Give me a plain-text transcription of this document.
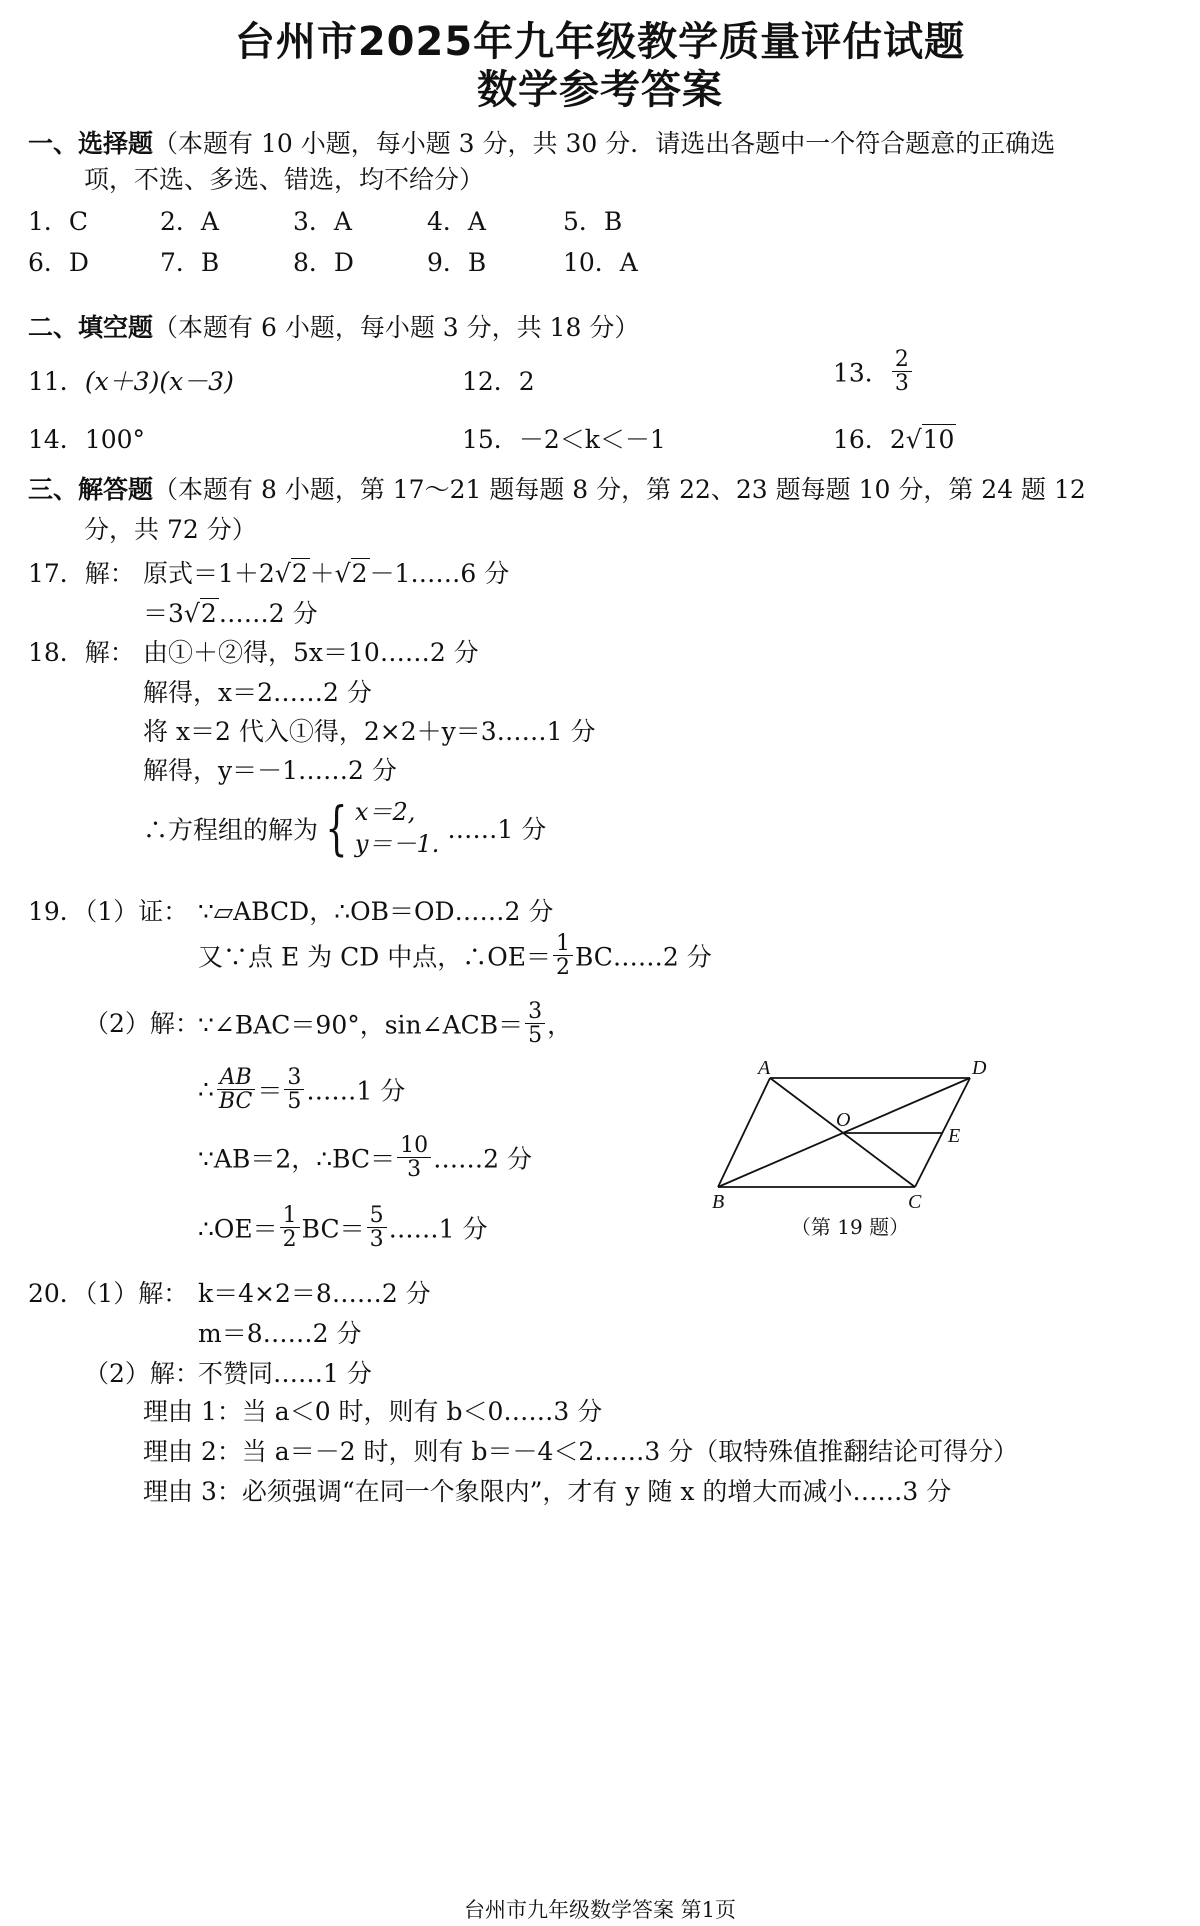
台州市2025年九年级教学质量评估试题
数学参考答案
一、选择题（本题有 10 小题，每小题 3 分，共 30 分．请选出各题中一个符合题意的正确选
项，不选、多选、错选，均不给分）
1．C	2．A	3．A	4．A	5．B
6．D	7．B	8．D	9．B	10．A
二、填空题（本题有 6 小题，每小题 3 分，共 18 分）
11．(x＋3)(x－3)	12．2	13． $\frac{2}{3}$
14．100°	15．－2＜k＜－1	16．2√10
三、解答题（本题有 8 小题，第 17～21 题每题 8 分，第 22、23 题每题 10 分，第 24 题 12
分，共 72 分）
17．解： 原式＝1＋2√2＋√2－1……6 分
＝3√2……2 分
18．解： 由①＋②得，5x＝10……2 分
解得，x＝2……2 分
将 x＝2 代入①得，2×2＋y＝3……1 分
解得，y＝－1……2 分
∴方程组的解为 { x＝2,
y＝－1. ……1 分
19．（1）证： ∵▱ABCD，∴OB＝OD……2 分
又∵点 E 为 CD 中点，∴OE＝ $\frac{1}{2}$ BC……2 分
（2）解：
∵∠BAC＝90°，sin∠ACB＝ $\frac{3}{5}$ ，
∴ $\frac{AB}{BC} = \frac{3}{5}$ ……1 分
∵AB＝2，∴BC＝ $\frac{10}{3}$ ……2 分
∴OE＝ $\frac{1}{2} BC= \frac{5}{3}$ ……1 分
A	D
O
E
B	C
（第 19 题）
20．（1）解： k＝4×2＝8……2 分
m＝8……2 分
（2）解：
不赞同……1 分
理由 1：当 a＜0 时，则有 b＜0……3 分
理由 2：当 a＝－2 时，则有 b＝－4＜2……3 分（取特殊值推翻结论可得分）
理由 3：必须强调“在同一个象限内”，才有 y 随 x 的增大而减小……3 分
台州市九年级数学答案 第1页
